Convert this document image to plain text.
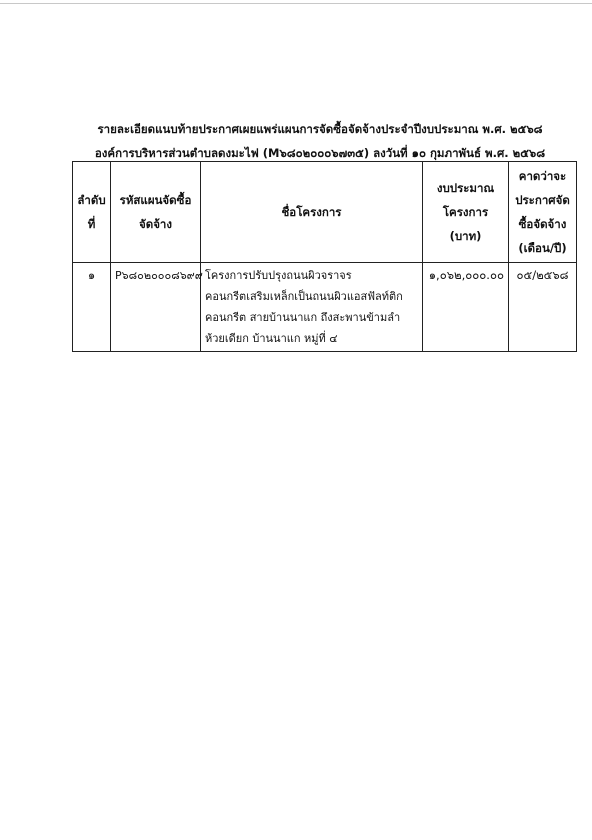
รายละเอียดแนบท้ายประกาศเผยแพร่แผนการจัดซื้อจัดจ้างประจำปีงบประมาณ พ.ศ. ๒๕๖๘
องค์การบริหารส่วนตำบลดงมะไฟ (M๖๘๐๒๐๐๐๖๗๓๕) ลงวันที่ ๑๐ กุมภาพันธ์ พ.ศ. ๒๕๖๘
ลำดับที่	รหัสแผนจัดซื้อจัดจ้าง	ชื่อโครงการ	งบประมาณโครงการ (บาท)	คาดว่าจะประกาศจัดซื้อจัดจ้าง (เดือน/ปี)
๑	P๖๘๐๒๐๐๐๘๖๙๙	โครงการปรับปรุงถนนผิวจราจรคอนกรีตเสริมเหล็กเป็นถนนผิวแอสฟัลท์ติกคอนกรีต สายบ้านนาแก ถึงสะพานข้ามลำห้วยเดียก บ้านนาแก หมู่ที่ ๔	๑,๐๖๒,๐๐๐.๐๐	๐๕/๒๕๖๘
